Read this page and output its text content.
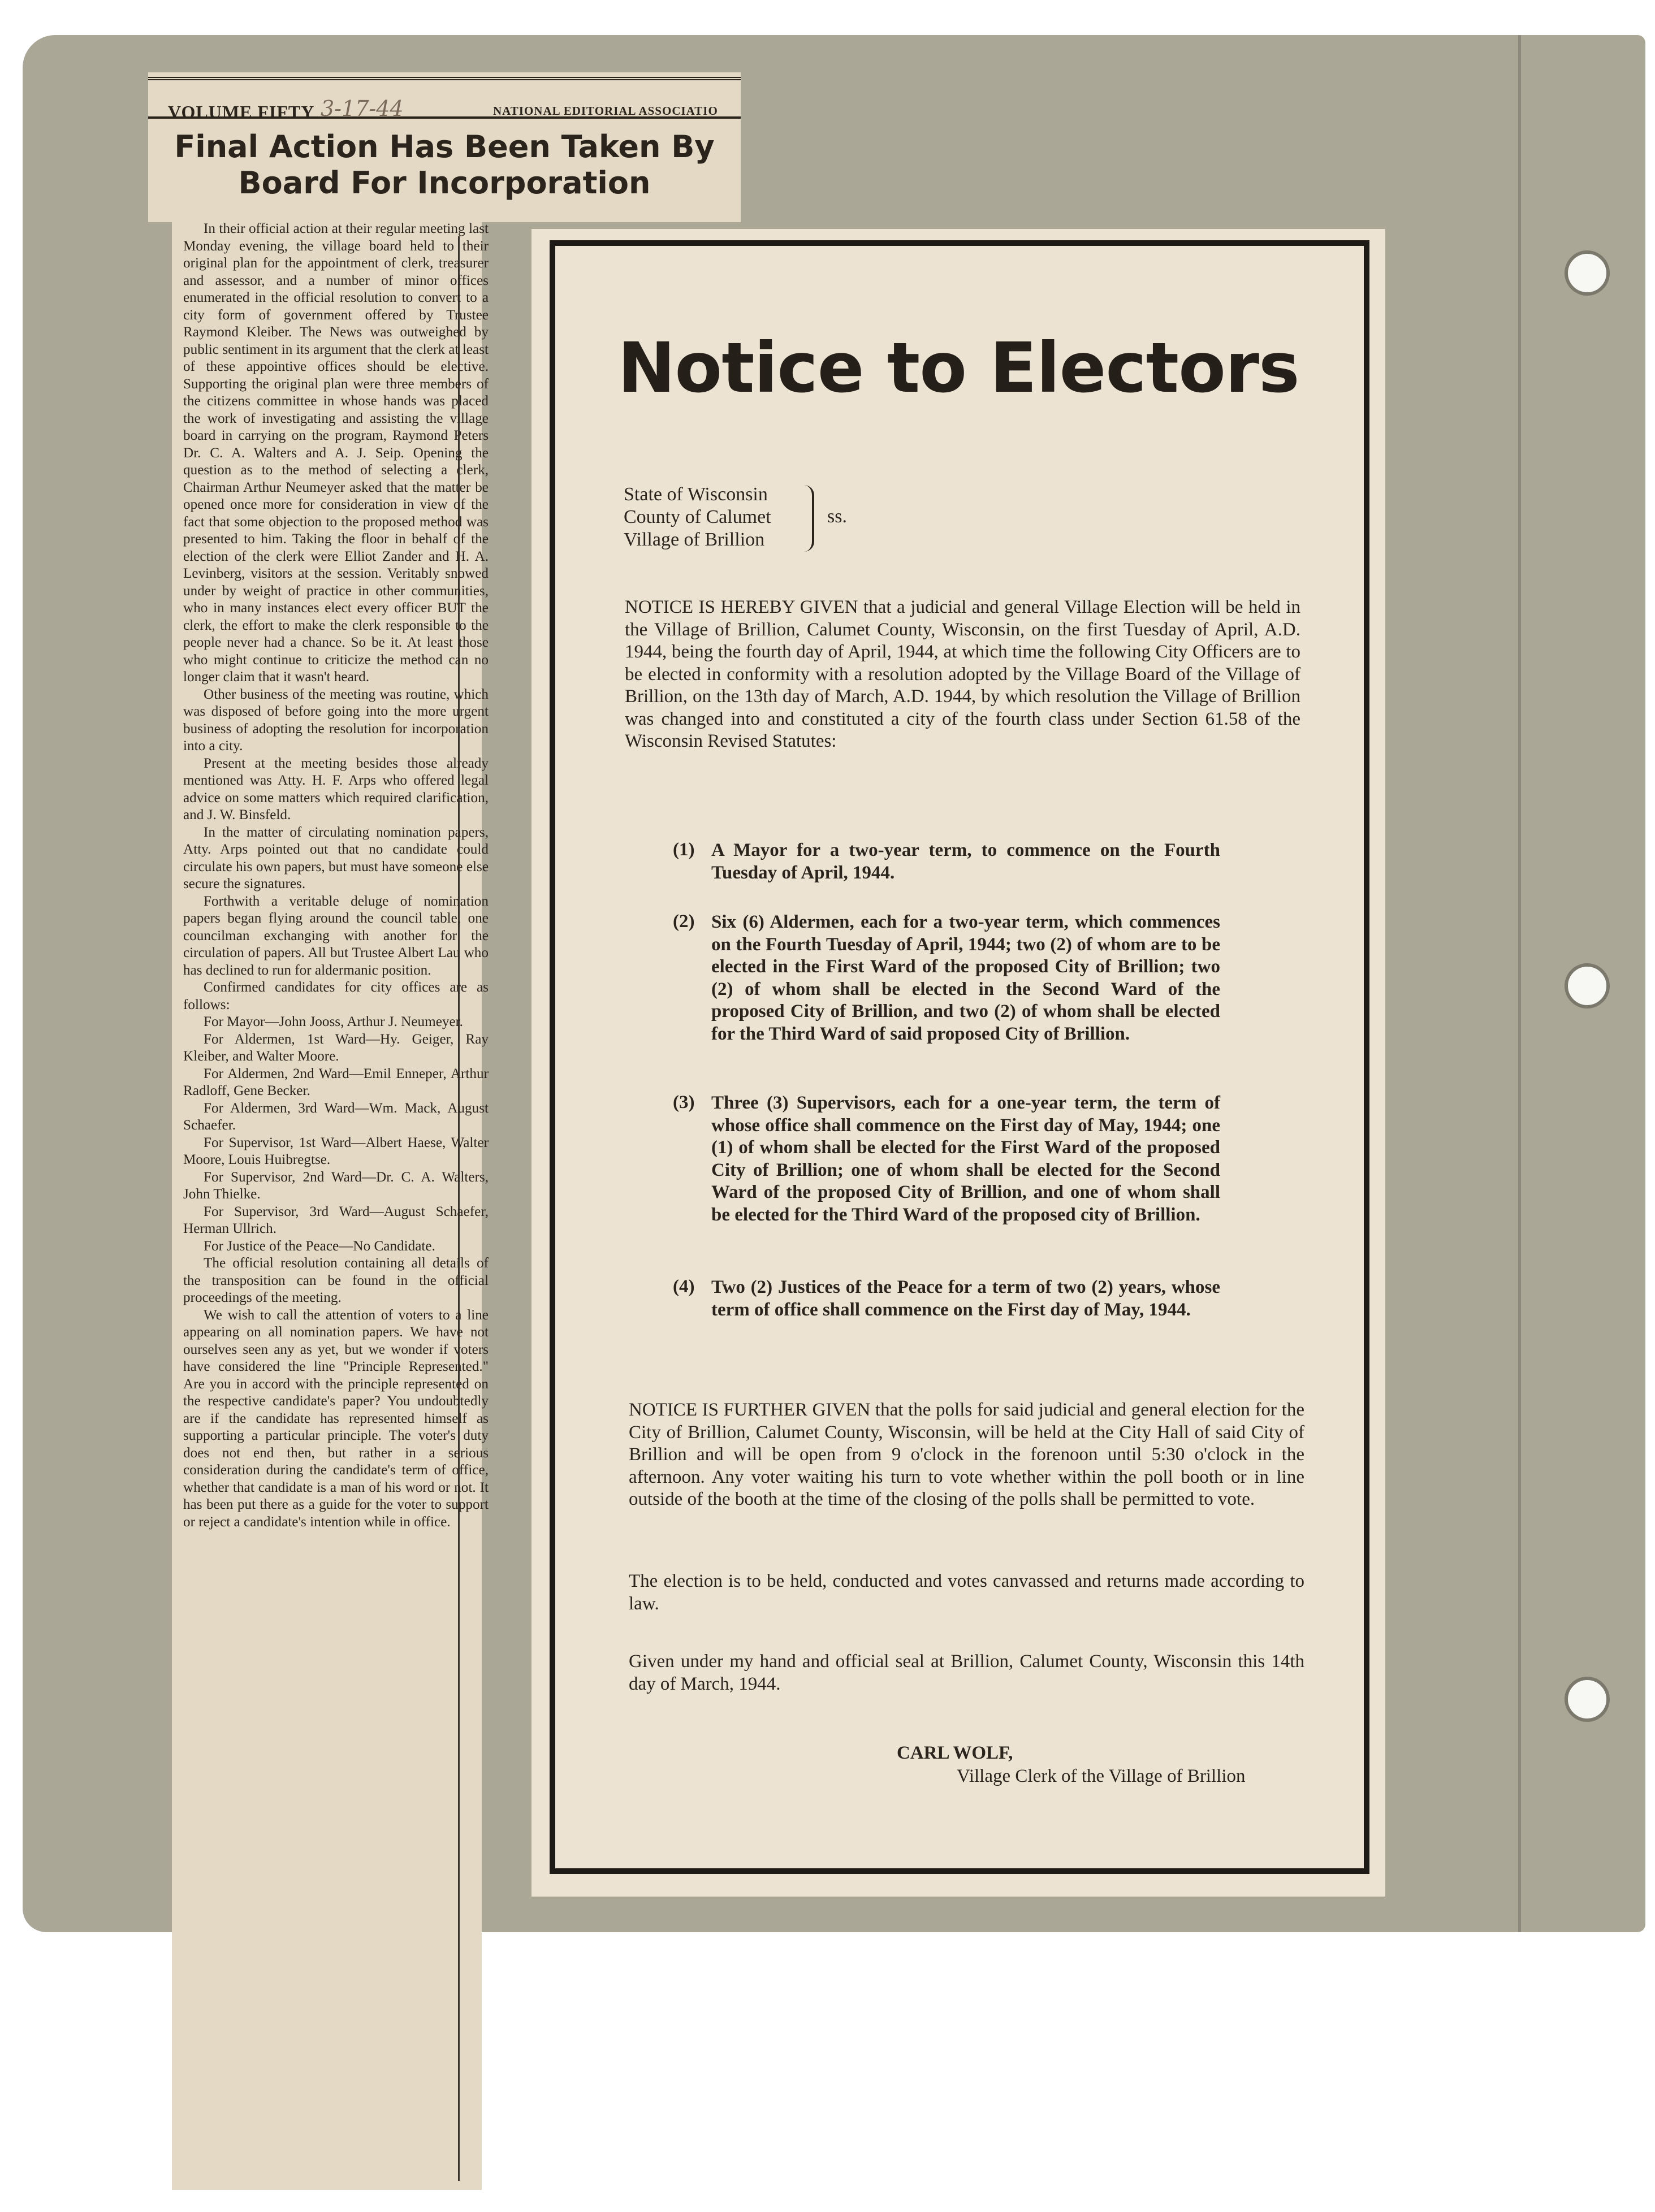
VOLUME FIFTY 3-17-44	NATIONAL EDITORIAL ASSOCIATIO
Final Action Has Been Taken By
Board For Incorporation

In their official action at their regular meeting last Monday evening, the village board held to their original plan for the appointment of clerk, treasurer and assessor, and a number of minor offices enumerated in the official resolution to convert to a city form of government offered by Trustee Raymond Kleiber. The News was outweighed by public sentiment in its argument that the clerk at least of these appointive offices should be elective. Supporting the original plan were three members of the citizens committee in whose hands was placed the work of investigating and assisting the village board in carrying on the program, Raymond Peters Dr. C. A. Walters and A. J. Seip. Opening the question as to the method of selecting a clerk, Chairman Arthur Neumeyer asked that the matter be opened once more for consideration in view of the fact that some objection to the proposed method was presented to him. Taking the floor in behalf of the election of the clerk were Elliot Zander and H. A. Levinberg, visitors at the session. Veritably snowed under by weight of practice in other communities, who in many instances elect every officer BUT the clerk, the effort to make the clerk responsible to the people never had a chance. So be it. At least those who might continue to criticize the method can no longer claim that it wasn't heard.

Other business of the meeting was routine, which was disposed of before going into the more urgent business of adopting the resolution for incorporation into a city.

Present at the meeting besides those already mentioned was Atty. H. F. Arps who offered legal advice on some matters which required clarification, and J. W. Binsfeld.

In the matter of circulating nomination papers, Atty. Arps pointed out that no candidate could circulate his own papers, but must have someone else secure the signatures.

Forthwith a veritable deluge of nomination papers began flying around the council table, one councilman exchanging with another for the circulation of papers. All but Trustee Albert Lau who has declined to run for aldermanic position.

Confirmed candidates for city offices are as follows:

For Mayor—John Jooss, Arthur J. Neumeyer.

For Aldermen, 1st Ward—Hy. Geiger, Ray Kleiber, and Walter Moore.

For Aldermen, 2nd Ward—Emil Enneper, Arthur Radloff, Gene Becker.

For Aldermen, 3rd Ward—Wm. Mack, August Schaefer.

For Supervisor, 1st Ward—Albert Haese, Walter Moore, Louis Huibregtse.

For Supervisor, 2nd Ward—Dr. C. A. Walters, John Thielke.

For Supervisor, 3rd Ward—August Schaefer, Herman Ullrich.

For Justice of the Peace—No Candidate.

The official resolution containing all details of the transposition can be found in the official proceedings of the meeting.

We wish to call the attention of voters to a line appearing on all nomination papers. We have not ourselves seen any as yet, but we wonder if voters have considered the line "Principle Represented." Are you in accord with the principle represented on the respective candidate's paper? You undoubtedly are if the candidate has represented himself as supporting a particular principle. The voter's duty does not end then, but rather in a serious consideration during the candidate's term of office, whether that candidate is a man of his word or not. It has been put there as a guide for the voter to support or reject a candidate's intention while in office.

Notice to Electors
State of Wisconsin
County of Calumet
Village of Brillion
ss.
NOTICE IS HEREBY GIVEN that a judicial and general Village Election will be held in the Village of Brillion, Calumet County, Wisconsin, on the first Tuesday of April, A.D. 1944, being the fourth day of April, 1944, at which time the following City Officers are to be elected in conformity with a resolution adopted by the Village Board of the Village of Brillion, on the 13th day of March, A.D. 1944, by which resolution the Village of Brillion was changed into and constituted a city of the fourth class under Section 61.58 of the Wisconsin Revised Statutes:
(1) A Mayor for a two-year term, to commence on the Fourth Tuesday of April, 1944.
(2) Six (6) Aldermen, each for a two-year term, which commences on the Fourth Tuesday of April, 1944; two (2) of whom are to be elected in the First Ward of the proposed City of Brillion; two (2) of whom shall be elected in the Second Ward of the proposed City of Brillion, and two (2) of whom shall be elected for the Third Ward of said proposed City of Brillion.
(3) Three (3) Supervisors, each for a one-year term, the term of whose office shall commence on the First day of May, 1944; one (1) of whom shall be elected for the First Ward of the proposed City of Brillion; one of whom shall be elected for the Second Ward of the proposed City of Brillion, and one of whom shall be elected for the Third Ward of the proposed city of Brillion.
(4) Two (2) Justices of the Peace for a term of two (2) years, whose term of office shall commence on the First day of May, 1944.
NOTICE IS FURTHER GIVEN that the polls for said judicial and general election for the City of Brillion, Calumet County, Wisconsin, will be held at the City Hall of said City of Brillion and will be open from 9 o'clock in the forenoon until 5:30 o'clock in the afternoon. Any voter waiting his turn to vote whether within the poll booth or in line outside of the booth at the time of the closing of the polls shall be permitted to vote.
The election is to be held, conducted and votes canvassed and returns made according to law.
Given under my hand and official seal at Brillion, Calumet County, Wisconsin this 14th day of March, 1944.
CARL WOLF,
Village Clerk of the Village of Brillion
